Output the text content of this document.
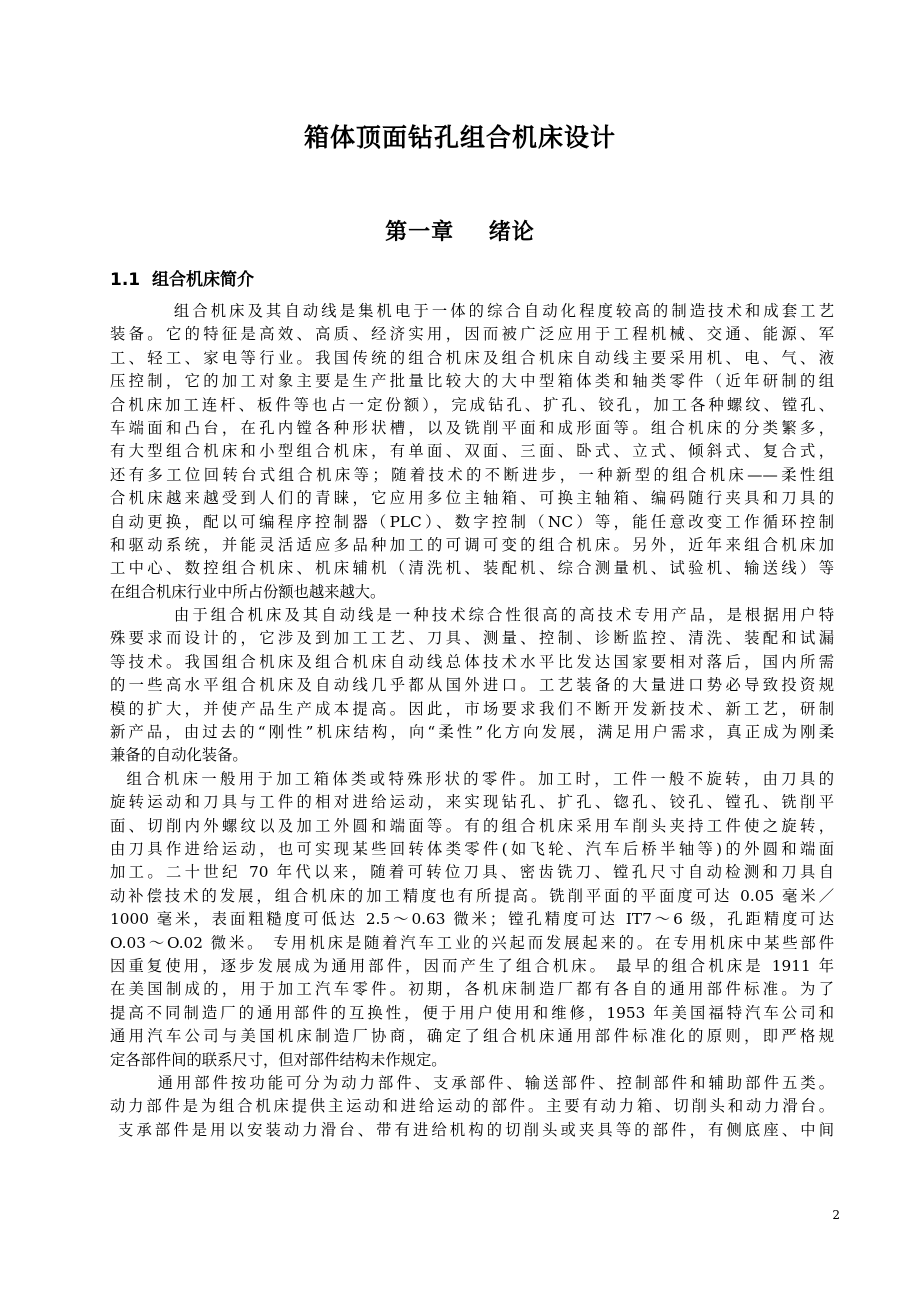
箱体顶面钻孔组合机床设计
第一章    绪论
1.1  组合机床简介
组合机床及其自动线是集机电于一体的综合自动化程度较高的制造技术和成套工艺
装备。它的特征是高效、高质、经济实用，因而被广泛应用于工程机械、交通、能源、军
工、轻工、家电等行业。我国传统的组合机床及组合机床自动线主要采用机、电、气、液
压控制，它的加工对象主要是生产批量比较大的大中型箱体类和轴类零件（近年研制的组
合机床加工连杆、板件等也占一定份额），完成钻孔、扩孔、铰孔，加工各种螺纹、镗孔、
车端面和凸台，在孔内镗各种形状槽，以及铣削平面和成形面等。组合机床的分类繁多，
有大型组合机床和小型组合机床，有单面、双面、三面、卧式、立式、倾斜式、复合式，
还有多工位回转台式组合机床等；随着技术的不断进步，一种新型的组合机床——柔性组
合机床越来越受到人们的青睐，它应用多位主轴箱、可换主轴箱、编码随行夹具和刀具的
自动更换，配以可编程序控制器（PLC）、数字控制（NC）等，能任意改变工作循环控制
和驱动系统，并能灵活适应多品种加工的可调可变的组合机床。另外，近年来组合机床加
工中心、数控组合机床、机床辅机（清洗机、装配机、综合测量机、试验机、输送线）等
在组合机床行业中所占份额也越来越大。
由于组合机床及其自动线是一种技术综合性很高的高技术专用产品，是根据用户特
殊要求而设计的，它涉及到加工工艺、刀具、测量、控制、诊断监控、清洗、装配和试漏
等技术。我国组合机床及组合机床自动线总体技术水平比发达国家要相对落后，国内所需
的一些高水平组合机床及自动线几乎都从国外进口。工艺装备的大量进口势必导致投资规
模的扩大，并使产品生产成本提高。因此，市场要求我们不断开发新技术、新工艺，研制
新产品，由过去的“刚性”机床结构，向“柔性”化方向发展，满足用户需求，真正成为刚柔
兼备的自动化装备。
组合机床一般用于加工箱体类或特殊形状的零件。加工时，工件一般不旋转，由刀具的
旋转运动和刀具与工件的相对进给运动，来实现钻孔、扩孔、锪孔、铰孔、镗孔、铣削平
面、切削内外螺纹以及加工外圆和端面等。有的组合机床采用车削头夹持工件使之旋转，
由刀具作进给运动，也可实现某些回转体类零件(如飞轮、汽车后桥半轴等)的外圆和端面
加工。二十世纪 70 年代以来，随着可转位刀具、密齿铣刀、镗孔尺寸自动检测和刀具自
动补偿技术的发展，组合机床的加工精度也有所提高。铣削平面的平面度可达 0.05 毫米／
1000 毫米，表面粗糙度可低达 2.5～0.63 微米；镗孔精度可达 IT7～6 级，孔距精度可达
O.03～O.02 微米。 专用机床是随着汽车工业的兴起而发展起来的。在专用机床中某些部件
因重复使用，逐步发展成为通用部件，因而产生了组合机床。 最早的组合机床是 1911 年
在美国制成的，用于加工汽车零件。初期，各机床制造厂都有各自的通用部件标准。为了
提高不同制造厂的通用部件的互换性，便于用户使用和维修，1953 年美国福特汽车公司和
通用汽车公司与美国机床制造厂协商，确定了组合机床通用部件标准化的原则，即严格规
定各部件间的联系尺寸，但对部件结构未作规定。
通用部件按功能可分为动力部件、支承部件、输送部件、控制部件和辅助部件五类。
动力部件是为组合机床提供主运动和进给运动的部件。主要有动力箱、切削头和动力滑台。
支承部件是用以安装动力滑台、带有进给机构的切削头或夹具等的部件，有侧底座、中间
2
